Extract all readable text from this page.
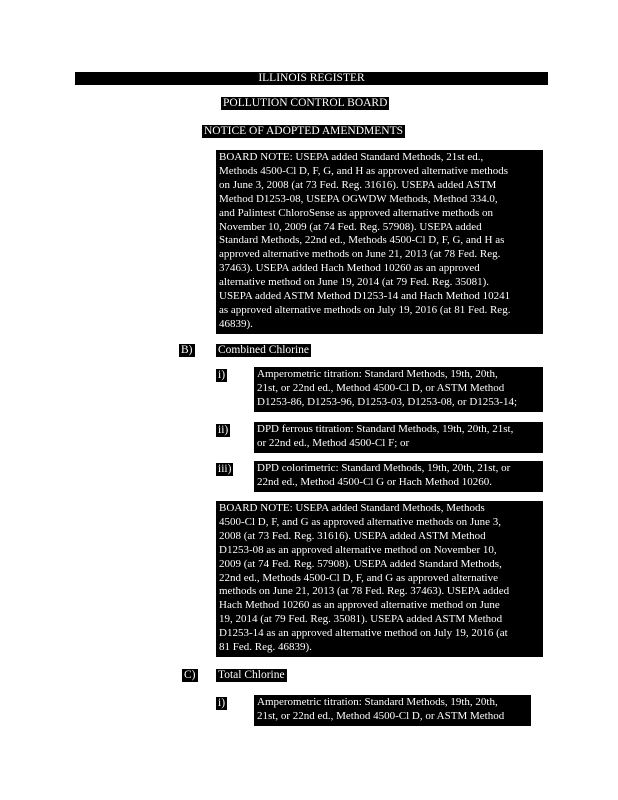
ILLINOIS REGISTER
POLLUTION CONTROL BOARD
NOTICE OF ADOPTED AMENDMENTS
BOARD NOTE: USEPA added Standard Methods, 21st ed.,
Methods 4500-Cl D, F, G, and H as approved alternative methods
on June 3, 2008 (at 73 Fed. Reg. 31616). USEPA added ASTM
Method D1253-08, USEPA OGWDW Methods, Method 334.0,
and Palintest ChloroSense as approved alternative methods on
November 10, 2009 (at 74 Fed. Reg. 57908). USEPA added
Standard Methods, 22nd ed., Methods 4500-Cl D, F, G, and H as
approved alternative methods on June 21, 2013 (at 78 Fed. Reg.
37463). USEPA added Hach Method 10260 as an approved
alternative method on June 19, 2014 (at 79 Fed. Reg. 35081).
USEPA added ASTM Method D1253-14 and Hach Method 10241
as approved alternative methods on July 19, 2016 (at 81 Fed. Reg.
46839).
B) Combined Chlorine
i)	Amperometric titration: Standard Methods, 19th, 20th,
21st, or 22nd ed., Method 4500-Cl D, or ASTM Method
D1253-86, D1253-96, D1253-03, D1253-08, or D1253-14;
ii)	DPD ferrous titration: Standard Methods, 19th, 20th, 21st,
or 22nd ed., Method 4500-Cl F; or
iii) DPD colorimetric: Standard Methods, 19th, 20th, 21st, or
22nd ed., Method 4500-Cl G or Hach Method 10260.
BOARD NOTE: USEPA added Standard Methods, Methods
4500-Cl D, F, and G as approved alternative methods on June 3,
2008 (at 73 Fed. Reg. 31616). USEPA added ASTM Method
D1253-08 as an approved alternative method on November 10,
2009 (at 74 Fed. Reg. 57908). USEPA added Standard Methods,
22nd ed., Methods 4500-Cl D, F, and G as approved alternative
methods on June 21, 2013 (at 78 Fed. Reg. 37463). USEPA added
Hach Method 10260 as an approved alternative method on June
19, 2014 (at 79 Fed. Reg. 35081). USEPA added ASTM Method
D1253-14 as an approved alternative method on July 19, 2016 (at
81 Fed. Reg. 46839).
C) Total Chlorine
i)	Amperometric titration: Standard Methods, 19th, 20th,
21st, or 22nd ed., Method 4500-Cl D, or ASTM Method
